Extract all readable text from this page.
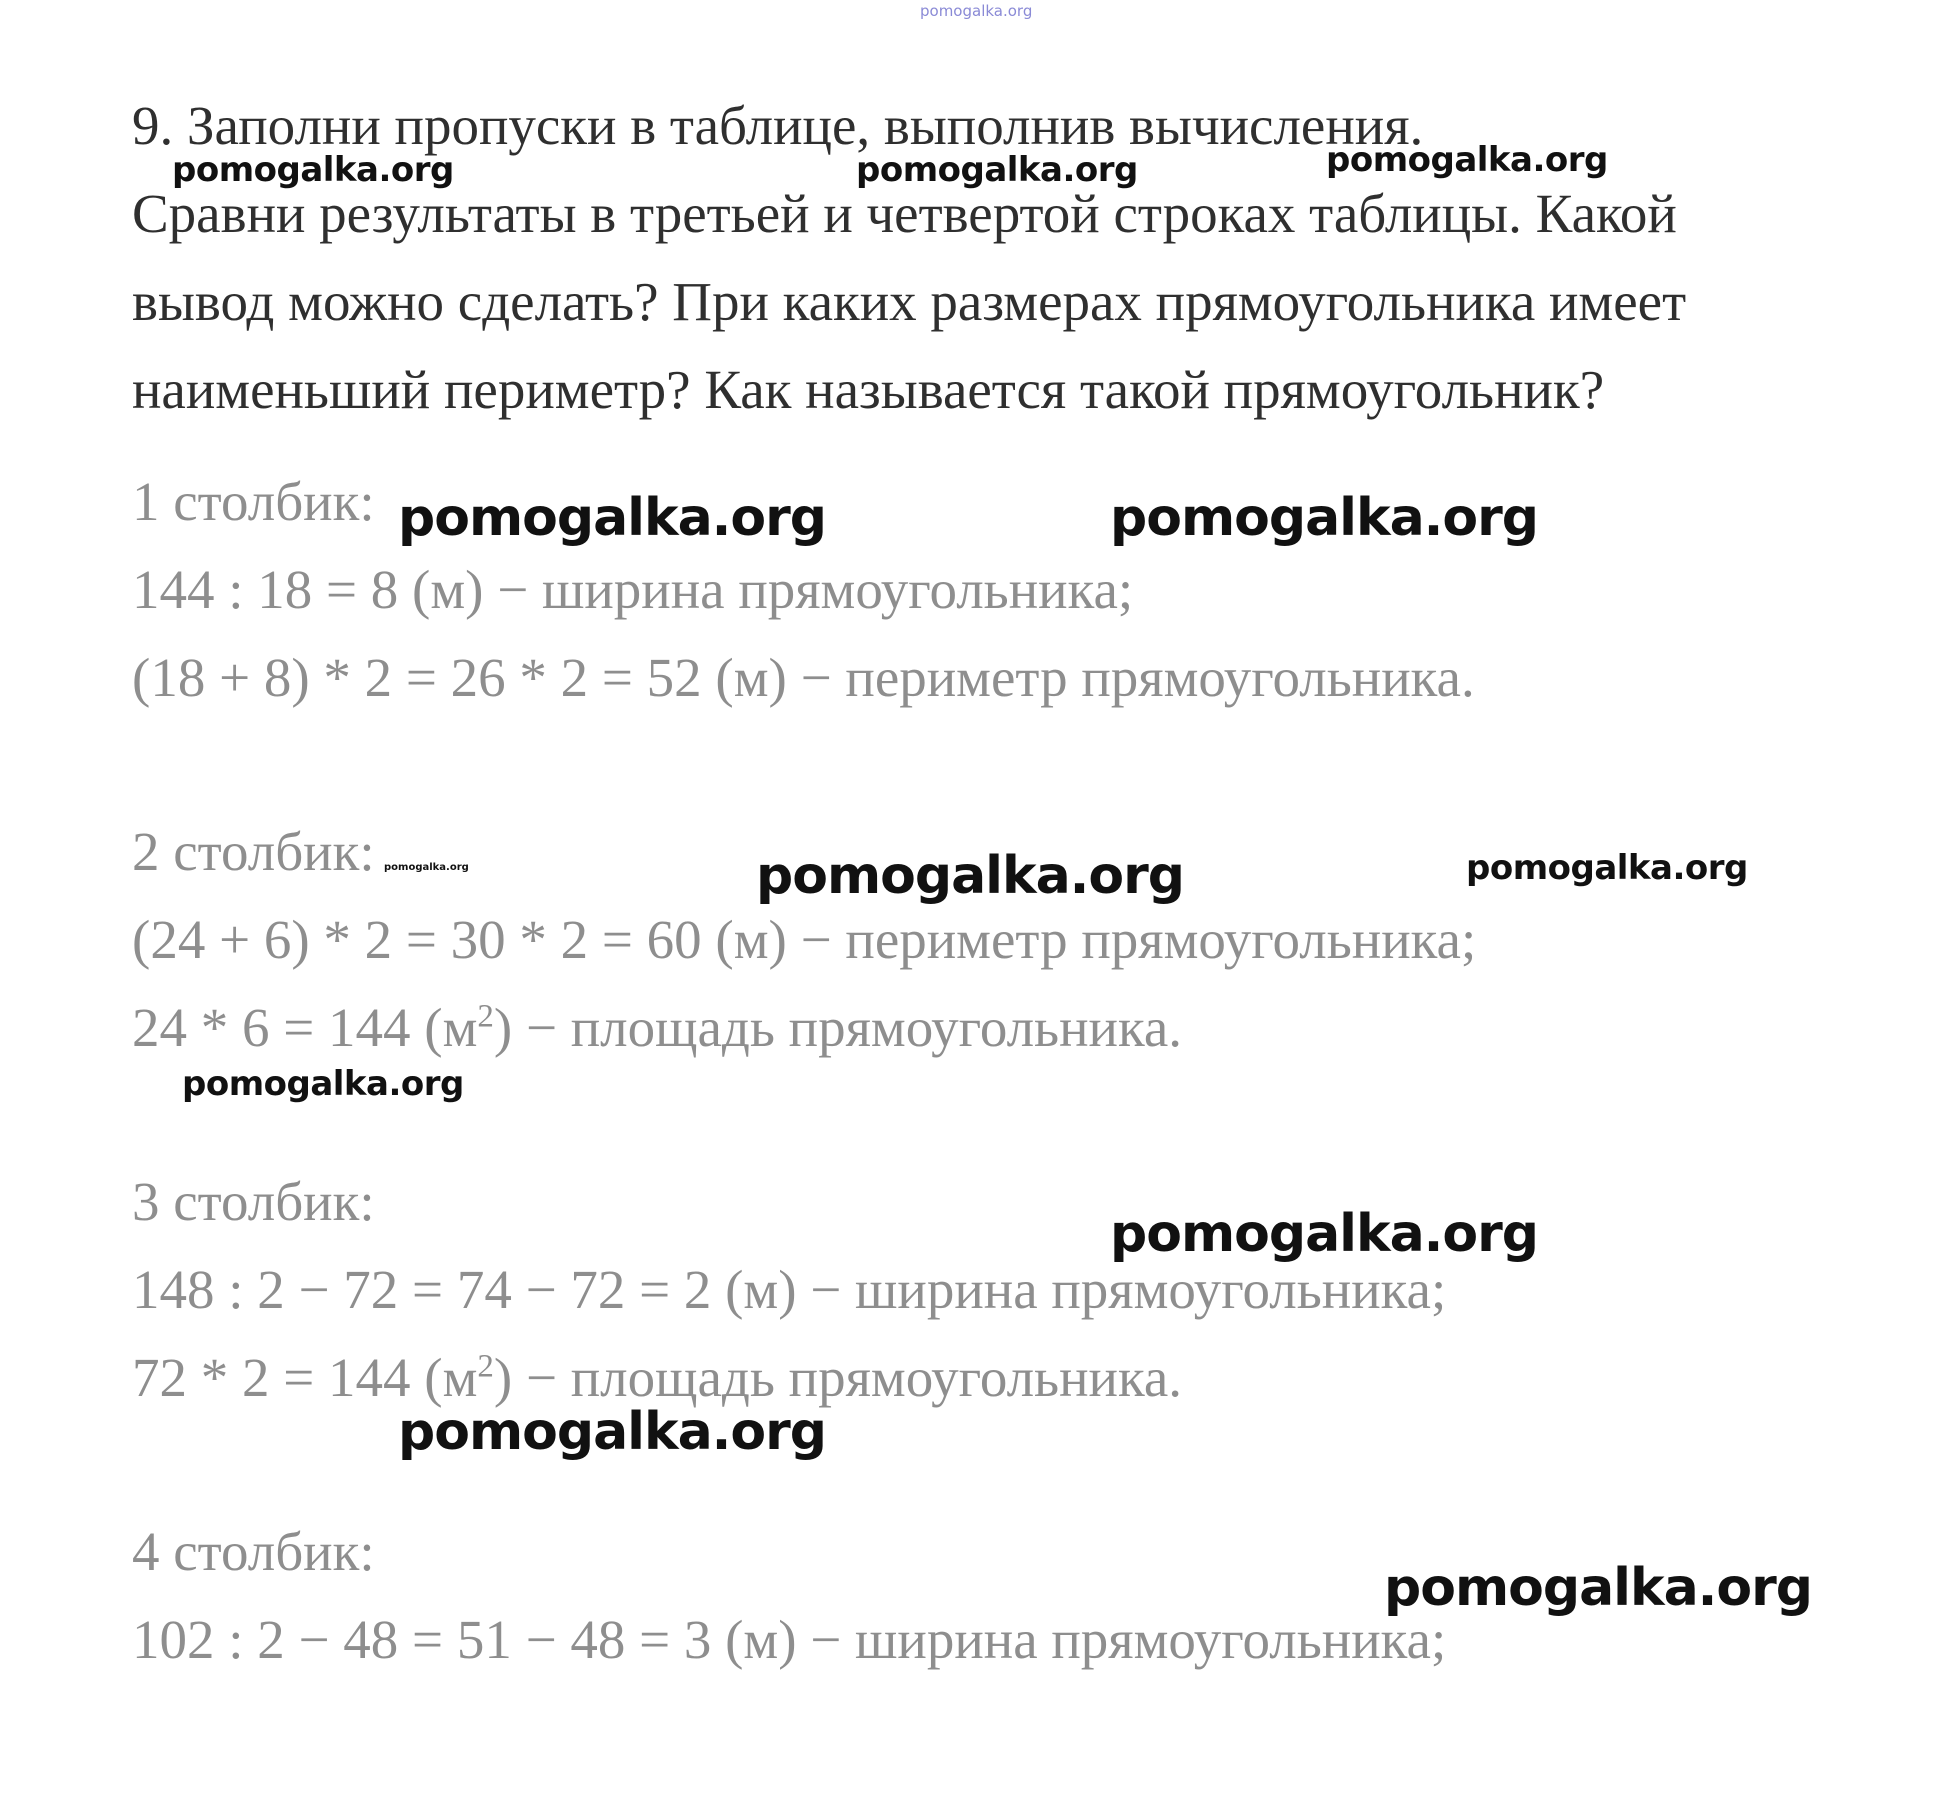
9. Заполни пропуски в таблице, выполнив вычисления.

Сравни результаты в третьей и четвертой строках таблицы. Какой

вывод можно сделать? При каких размерах прямоугольника имеет

наименьший периметр? Как называется такой прямоугольник?

1 столбик:

144 : 18 = 8 (м) − ширина прямоугольника;

(18 + 8) * 2 = 26 * 2 = 52 (м) − периметр прямоугольника.

2 столбик:

(24 + 6) * 2 = 30 * 2 = 60 (м) − периметр прямоугольника;

24 * 6 = 144 $(м^2)$ − площадь прямоугольника.

3 столбик:

148 : 2 − 72 = 74 − 72 = 2 (м) − ширина прямоугольника;

72 * 2 = 144 $(м^2)$ − площадь прямоугольника.

4 столбик:

102 : 2 − 48 = 51 − 48 = 3 (м) − ширина прямоугольника;

pomogalka.org
pomogalka.org	pomogalka.org	pomogalka.org
pomogalka.org	pomogalka.org
pomogalka.org	pomogalka.org	pomogalka.org
pomogalka.org
pomogalka.org
pomogalka.org
pomogalka.org
